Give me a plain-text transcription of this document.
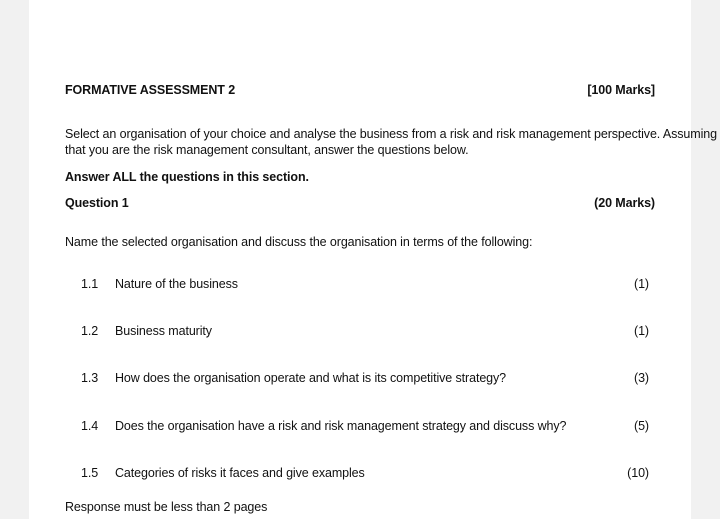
FORMATIVE ASSESSMENT 2	[100 Marks]
Select an organisation of your choice and analyse the business from a risk and risk management perspective. Assuming
that you are the risk management consultant, answer the questions below.
Answer ALL the questions in this section.
Question 1	(20 Marks)
Name the selected organisation and discuss the organisation in terms of the following:
1.1 Nature of the business	(1)
1.2 Business maturity	(1)
1.3 How does the organisation operate and what is its competitive strategy?	(3)
1.4 Does the organisation have a risk and risk management strategy and discuss why?	(5)
1.5 Categories of risks it faces and give examples	(10)
Response must be less than 2 pages
